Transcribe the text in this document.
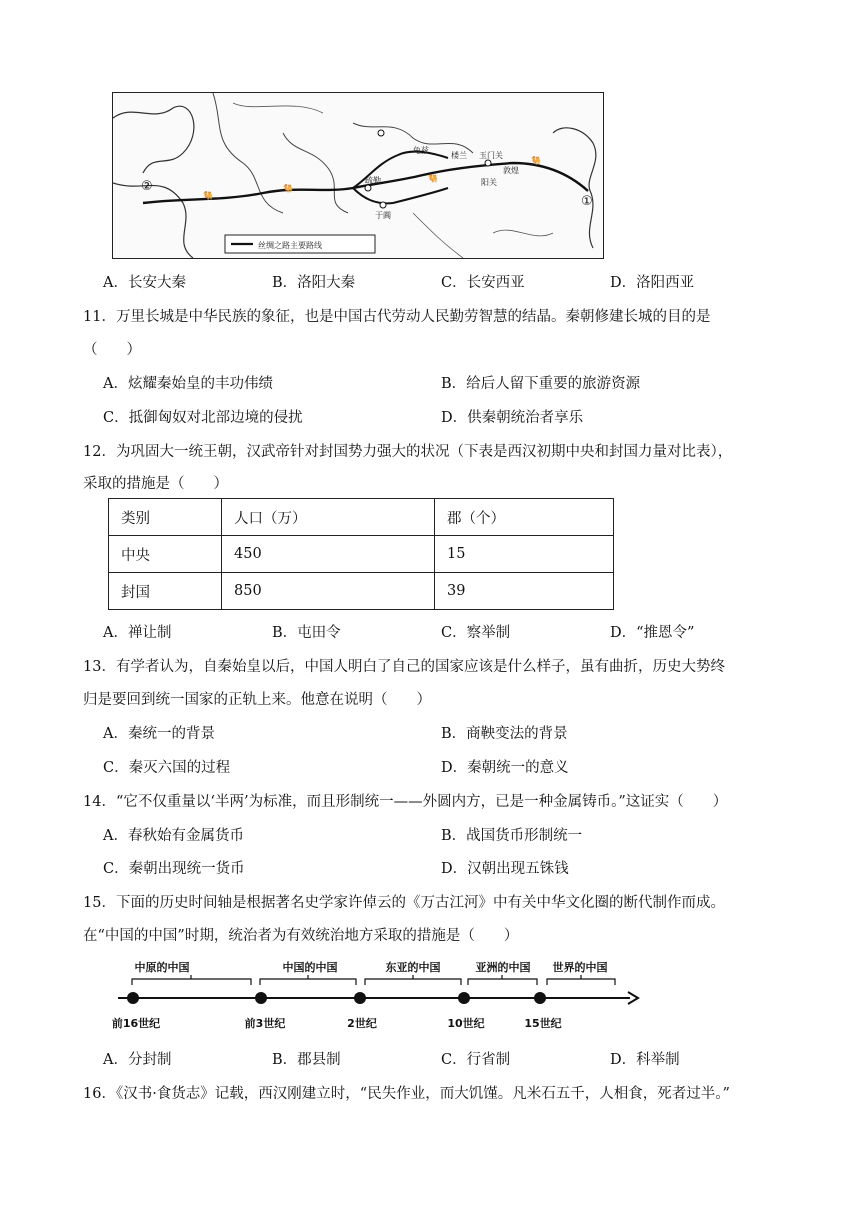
🐫
🐫
🐫
🐫
②
①
楼兰 玉门关
敦煌
阳关
于阗
疏勒
龟兹
丝绸之路主要路线
A．长安大秦	B．洛阳大秦	C．长安西亚	D．洛阳西亚
11．万里长城是中华民族的象征，也是中国古代劳动人民勤劳智慧的结晶。秦朝修建长城的目的是
（　　）
A．炫耀秦始皇的丰功伟绩	B．给后人留下重要的旅游资源
C．抵御匈奴对北部边境的侵扰	D．供秦朝统治者享乐
12．为巩固大一统王朝，汉武帝针对封国势力强大的状况（下表是西汉初期中央和封国力量对比表），
采取的措施是（　　）
类别	人口（万）	郡（个）
中央	450	15
封国	850	39
A．禅让制	B．屯田令	C．察举制	D．“推恩令”
13．有学者认为，自秦始皇以后，中国人明白了自己的国家应该是什么样子，虽有曲折，历史大势终
归是要回到统一国家的正轨上来。他意在说明（　　）
A．秦统一的背景	B．商鞅变法的背景
C．秦灭六国的过程	D．秦朝统一的意义
14．“它不仅重量以‘半两’为标准，而且形制统一——外圆内方，已是一种金属铸币。”这证实（　　）
A．春秋始有金属货币	B．战国货币形制统一
C．秦朝出现统一货币	D．汉朝出现五铢钱
15．下面的历史时间轴是根据著名史学家许倬云的《万古江河》中有关中华文化圈的断代制作而成。
在“中国的中国”时期，统治者为有效统治地方采取的措施是（　　）
中原的中国	中国的中国	东亚的中国	亚洲的中国 世界的中国
前16世纪	前3世纪	2世纪	10世纪	15世纪
A．分封制	B．郡县制	C．行省制	D．科举制
16．《汉书·食货志》记载，西汉刚建立时，“民失作业，而大饥馑。凡米石五千，人相食，死者过半。”
